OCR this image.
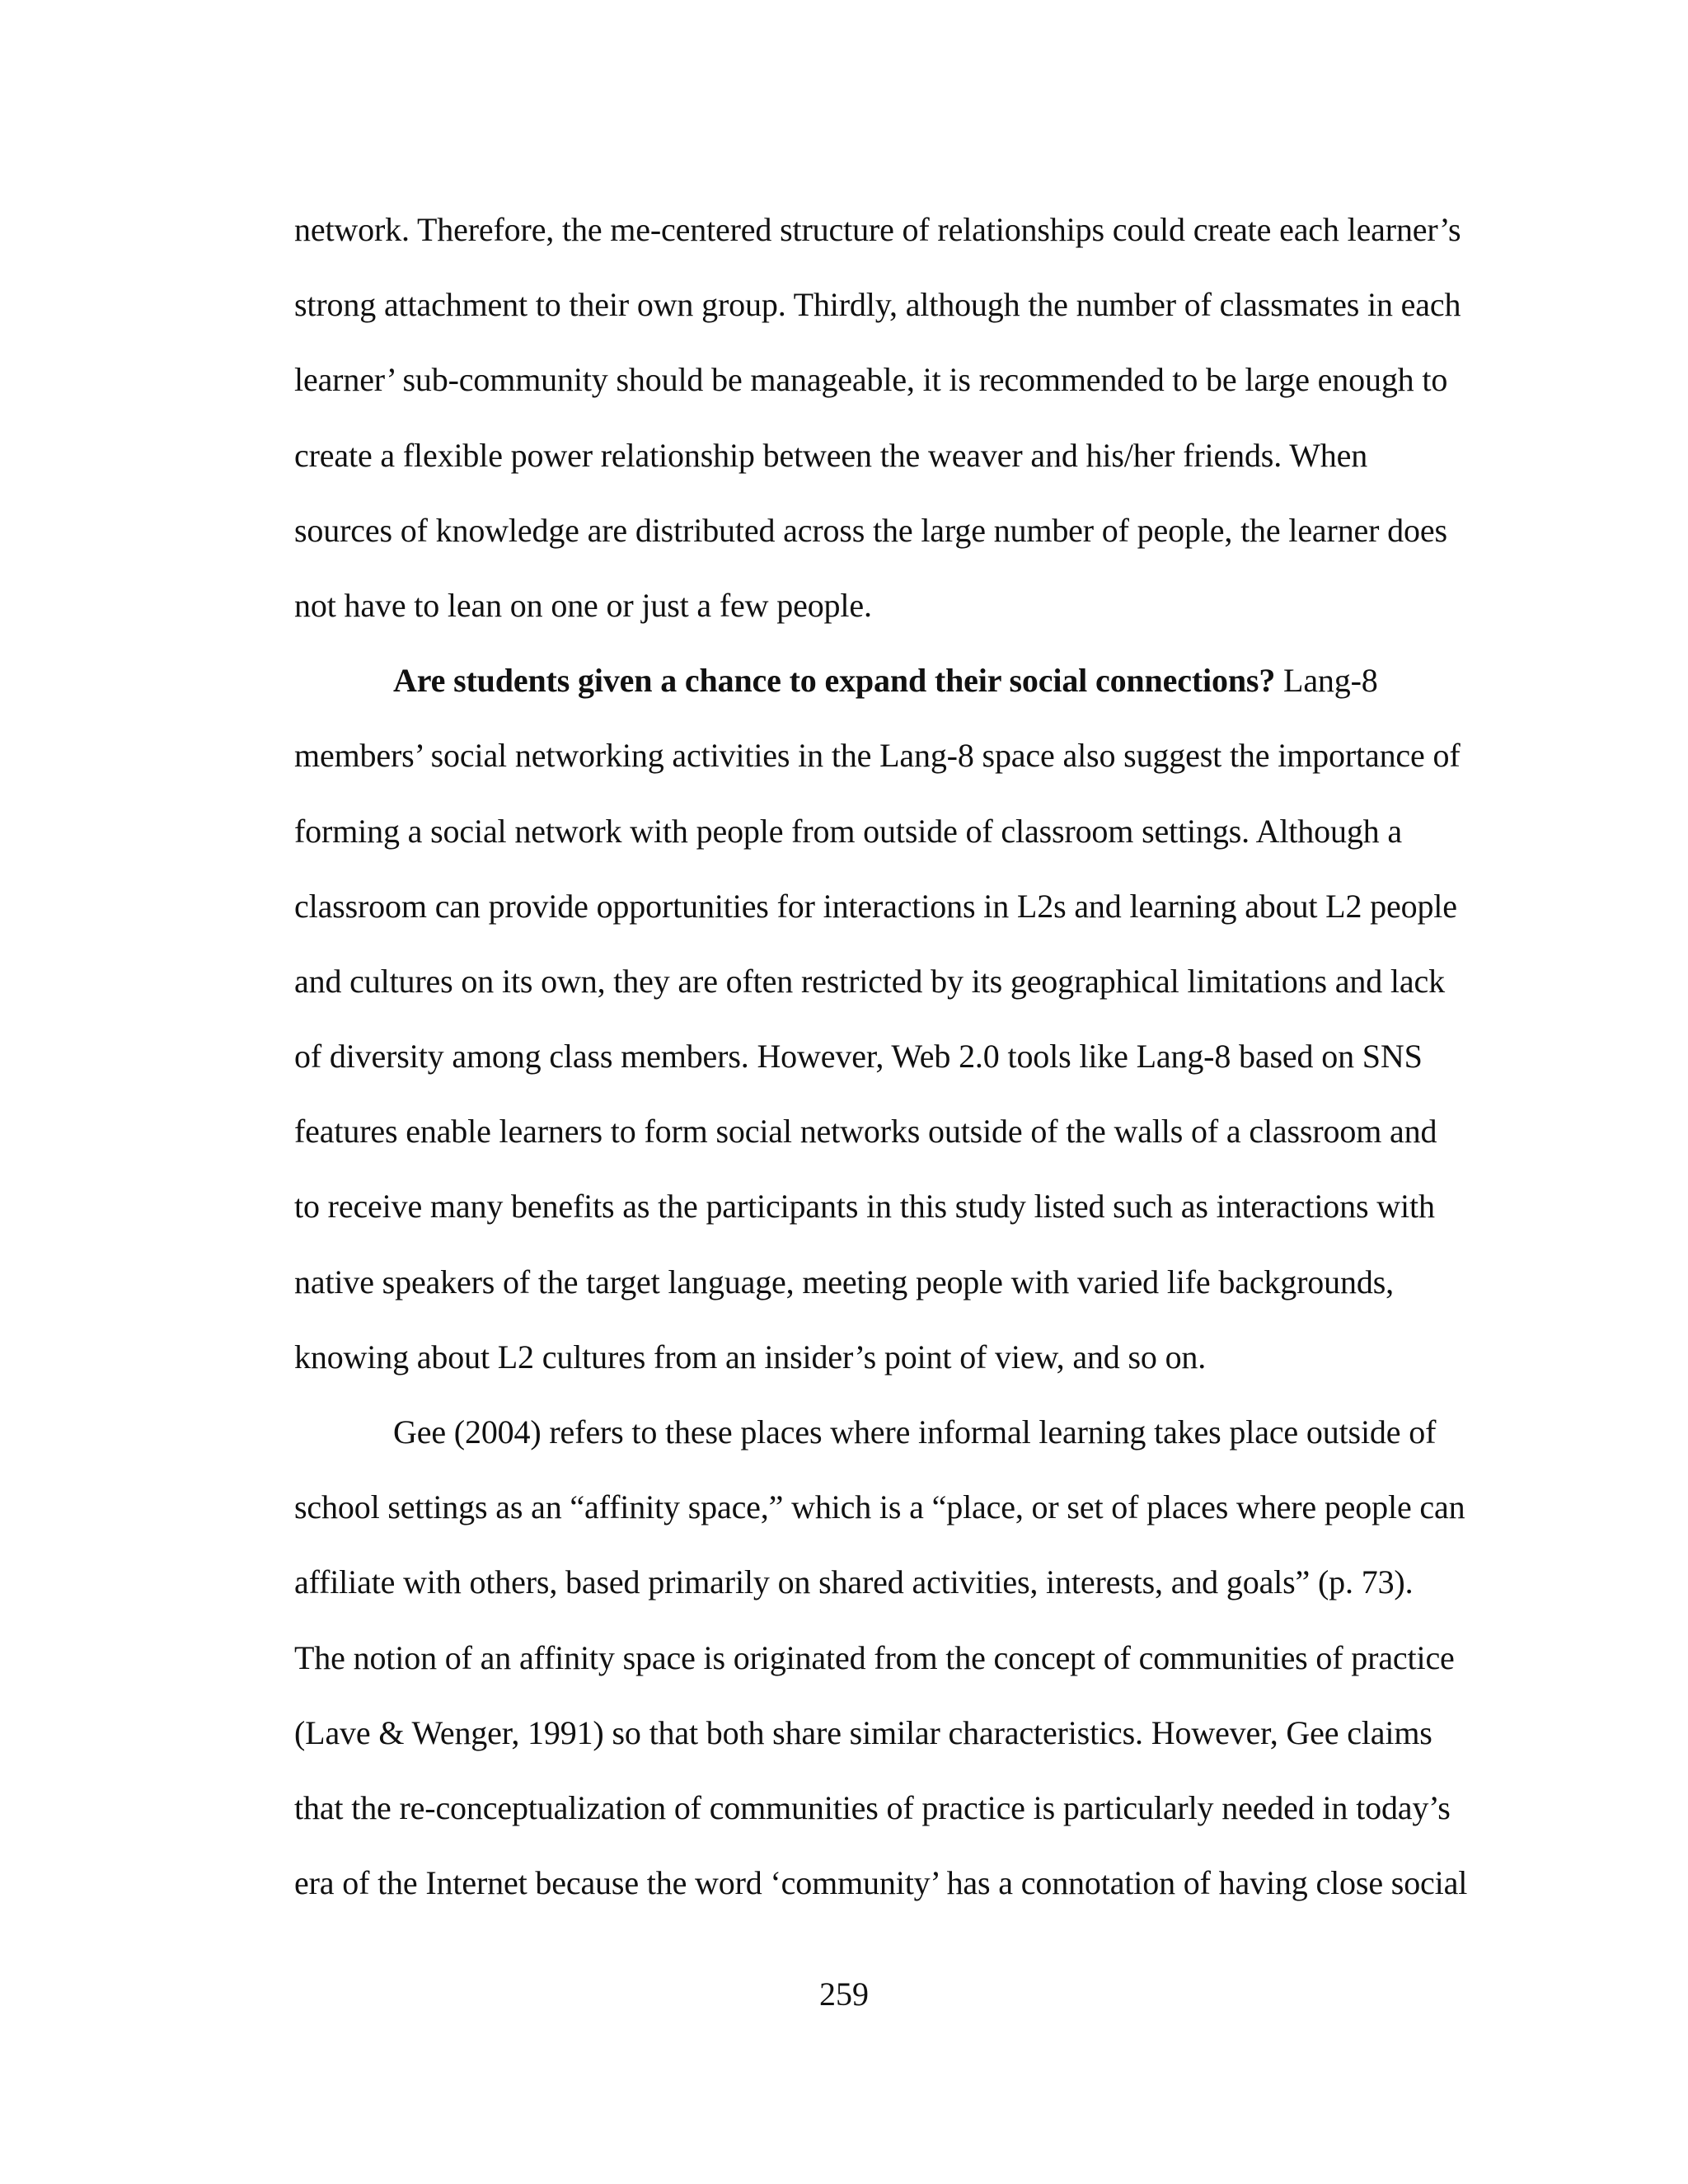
network. Therefore, the me-centered structure of relationships could create each learner’s
strong attachment to their own group. Thirdly, although the number of classmates in each
learner’ sub-community should be manageable, it is recommended to be large enough to
create a flexible power relationship between the weaver and his/her friends. When
sources of knowledge are distributed across the large number of people, the learner does
not have to lean on one or just a few people.
Are students given a chance to expand their social connections? Lang-8
members’ social networking activities in the Lang-8 space also suggest the importance of
forming a social network with people from outside of classroom settings. Although a
classroom can provide opportunities for interactions in L2s and learning about L2 people
and cultures on its own, they are often restricted by its geographical limitations and lack
of diversity among class members. However, Web 2.0 tools like Lang-8 based on SNS
features enable learners to form social networks outside of the walls of a classroom and
to receive many benefits as the participants in this study listed such as interactions with
native speakers of the target language, meeting people with varied life backgrounds,
knowing about L2 cultures from an insider’s point of view, and so on.
Gee (2004) refers to these places where informal learning takes place outside of
school settings as an “affinity space,” which is a “place, or set of places where people can
affiliate with others, based primarily on shared activities, interests, and goals” (p. 73).
The notion of an affinity space is originated from the concept of communities of practice
(Lave & Wenger, 1991) so that both share similar characteristics. However, Gee claims
that the re-conceptualization of communities of practice is particularly needed in today’s
era of the Internet because the word ‘community’ has a connotation of having close social
259
